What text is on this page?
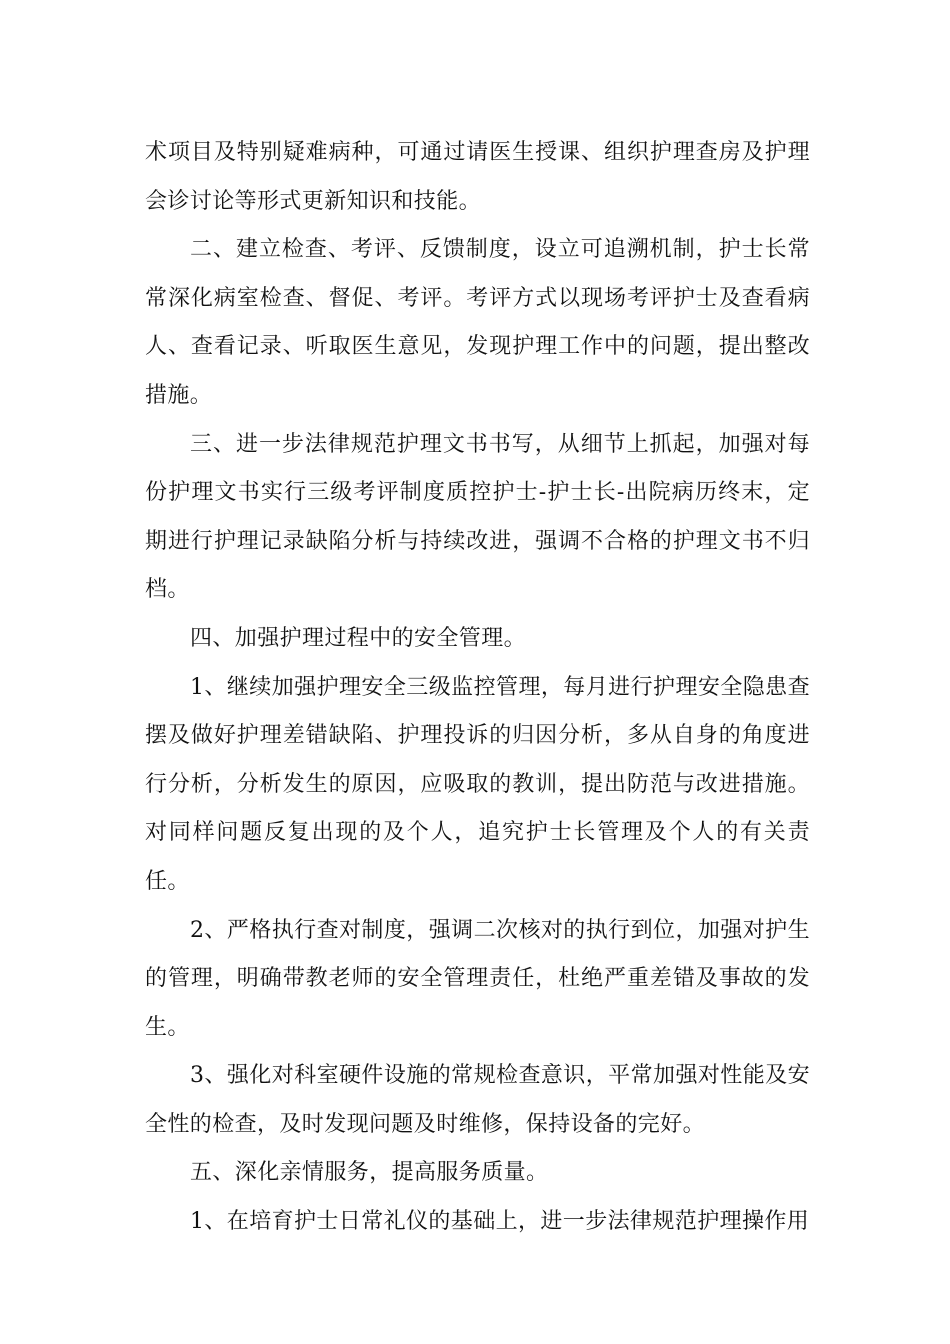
术项目及特别疑难病种，可通过请医生授课、组织护理查房及护理会诊讨论等形式更新知识和技能。

二、建立检查、考评、反馈制度，设立可追溯机制，护士长常常深化病室检查、督促、考评。考评方式以现场考评护士及查看病人、查看记录、听取医生意见，发现护理工作中的问题，提出整改措施。

三、进一步法律规范护理文书书写，从细节上抓起，加强对每份护理文书实行三级考评制度质控护士-护士长-出院病历终末，定期进行护理记录缺陷分析与持续改进，强调不合格的护理文书不归档。

四、加强护理过程中的安全管理。

1、继续加强护理安全三级监控管理，每月进行护理安全隐患查摆及做好护理差错缺陷、护理投诉的归因分析，多从自身的角度进行分析，分析发生的原因，应吸取的教训，提出防范与改进措施。对同样问题反复出现的及个人，追究护士长管理及个人的有关责任。

2、严格执行查对制度，强调二次核对的执行到位，加强对护生的管理，明确带教老师的安全管理责任，杜绝严重差错及事故的发生。

3、强化对科室硬件设施的常规检查意识，平常加强对性能及安全性的检查，及时发现问题及时维修，保持设备的完好。

五、深化亲情服务，提高服务质量。

1、在培育护士日常礼仪的基础上，进一步法律规范护理操作用
